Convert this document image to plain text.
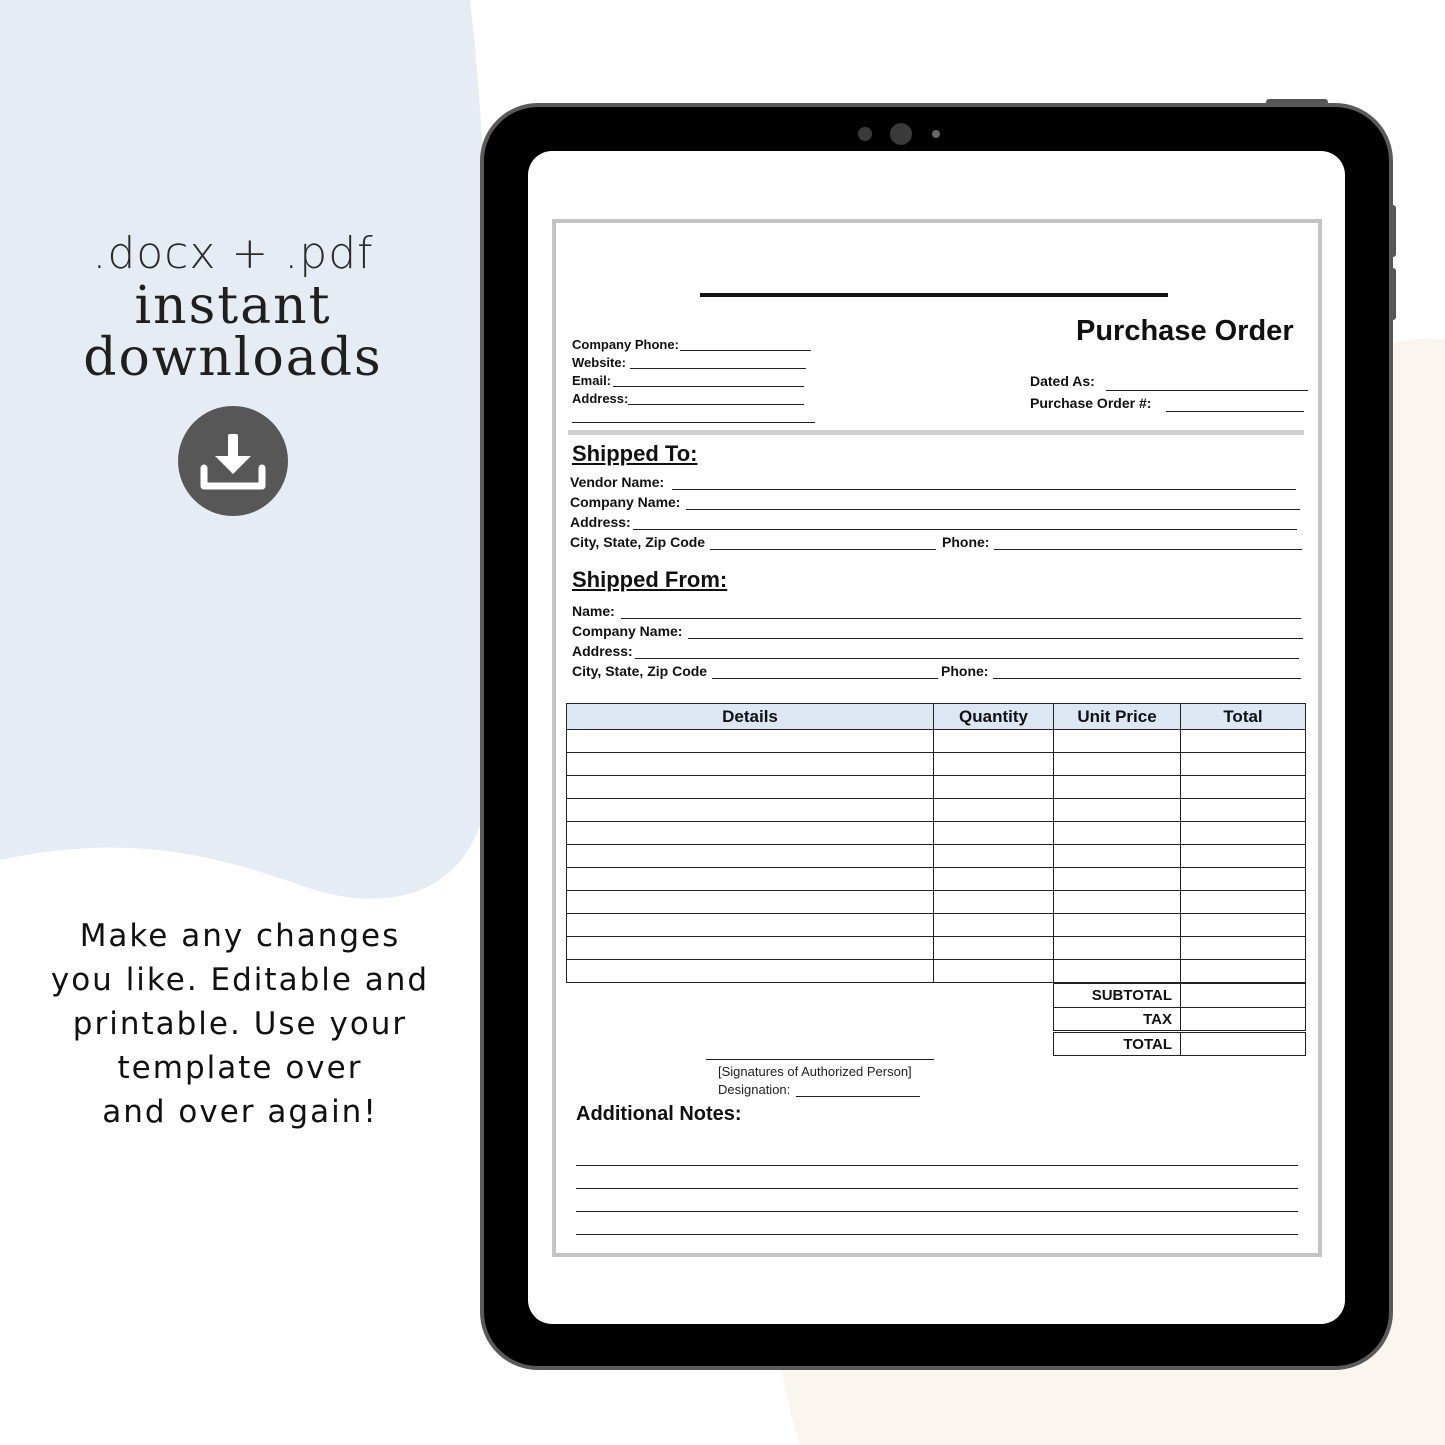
.docx + .pdf
instant
downloads
Make any changes
you like. Editable and
printable. Use your
template over
and over again!
Company Phone:
Website:
Email:
Address:
Purchase Order
Dated As:
Purchase Order #:
Shipped To:
Vendor Name:
Company Name:
Address:
City, State, Zip Code	Phone:
Shipped From:
Name:
Company Name:
Address:
City, State, Zip Code	Phone:
Details	Quantity	Unit Price	Total

SUBTOTAL	
TAX	
TOTAL	
[Signatures of Authorized Person]
Designation:
Additional Notes:
